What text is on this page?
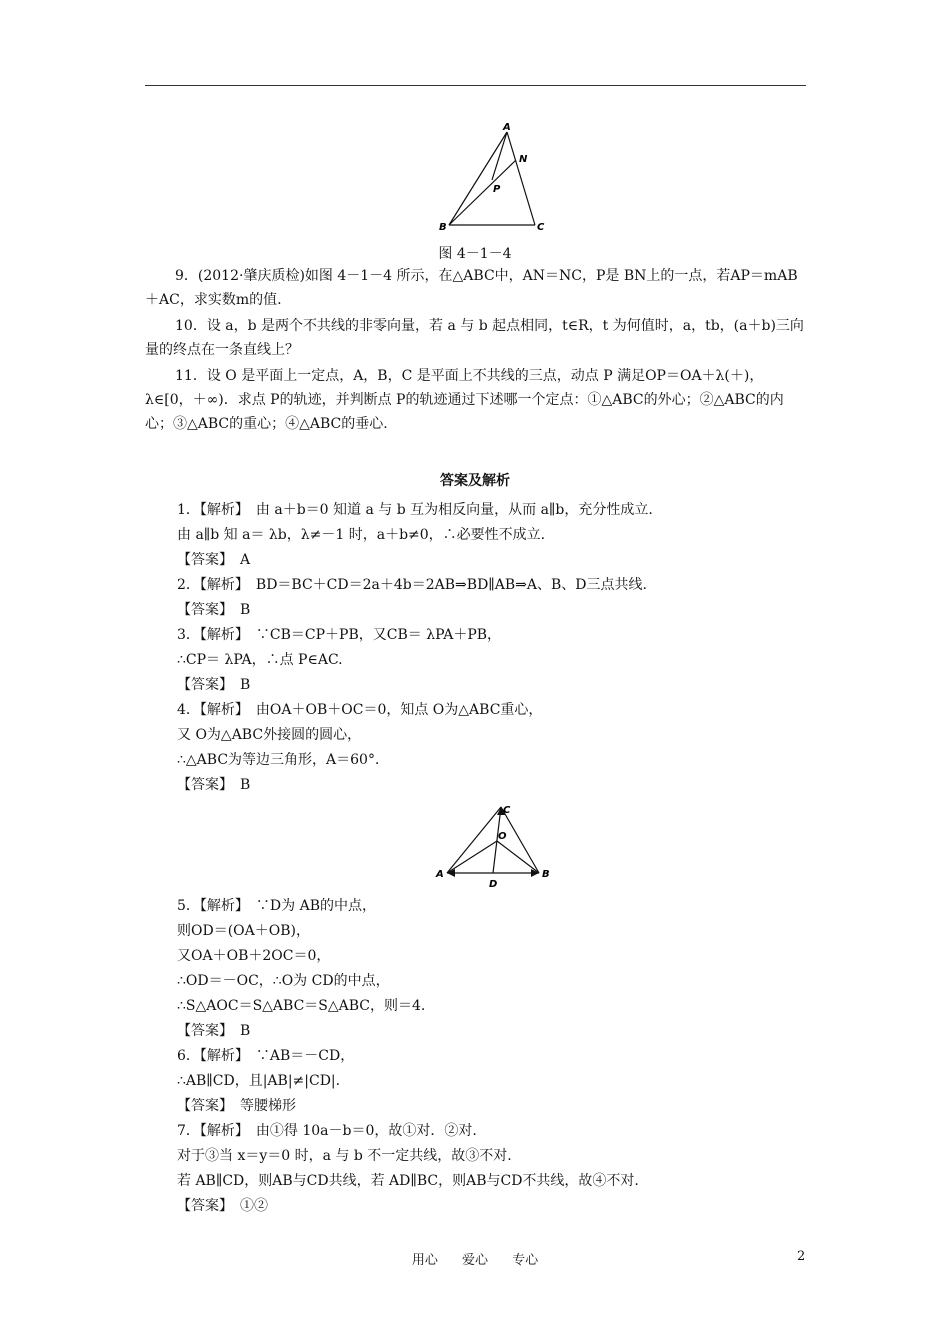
A
B	C
N
P
图 4－1－4

9．(2012·肇庆质检)如图 4－1－4 所示，在△ABC中，AN＝NC，P是 BN上的一点，若AP＝mAB＋AC，求实数m的值.

10．设 a，b 是两个不共线的非零向量，若 a 与 b 起点相同，t∈R，t 为何值时，a，tb，(a＋b)三向量的终点在一条直线上？

11．设 O 是平面上一定点，A，B，C 是平面上不共线的三点，动点 P 满足OP＝OA＋λ(＋)，λ∈[0，＋∞)．求点 P的轨迹，并判断点 P的轨迹通过下述哪一个定点：①△ABC的外心；②△ABC的内心；③△ABC的重心；④△ABC的垂心.

答案及解析
1．【解析】　由 a＋b＝0 知道 a 与 b 互为相反向量，从而 a∥b，充分性成立.
由 a∥b 知 a＝ λb，λ≠－1 时，a＋b≠0，∴必要性不成立.
【答案】　A
2．【解析】　BD＝BC＋CD＝2a＋4b＝2AB⇒BD∥AB⇒A、B、D三点共线.
【答案】　B
3．【解析】　∵CB＝CP＋PB，又CB＝ λPA＋PB，
∴CP＝ λPA，∴点 P∈AC.
【答案】　B
4．【解析】　由OA＋OB＋OC＝0，知点 O为△ABC重心，
又 O为△ABC外接圆的圆心，
∴△ABC为等边三角形，A＝60°．
【答案】　B
C
O
A	B
D
5．【解析】　∵D为 AB的中点，
则OD＝(OA＋OB)，
又OA＋OB＋2OC＝0，
∴OD＝－OC，∴O为 CD的中点，
∴S△AOC＝S△ABC＝S△ABC，则＝4.
【答案】　B
6．【解析】　∵AB＝－CD，
∴AB∥CD，且|AB|≠|CD|.
【答案】　等腰梯形
7．【解析】　由①得 10a－b＝0，故①对．②对.
对于③当 x＝y＝0 时，a 与 b 不一定共线，故③不对.
若 AB∥CD，则AB与CD共线，若 AD∥BC，则AB与CD不共线，故④不对.
【答案】　①②
用心 爱心 专心	2
